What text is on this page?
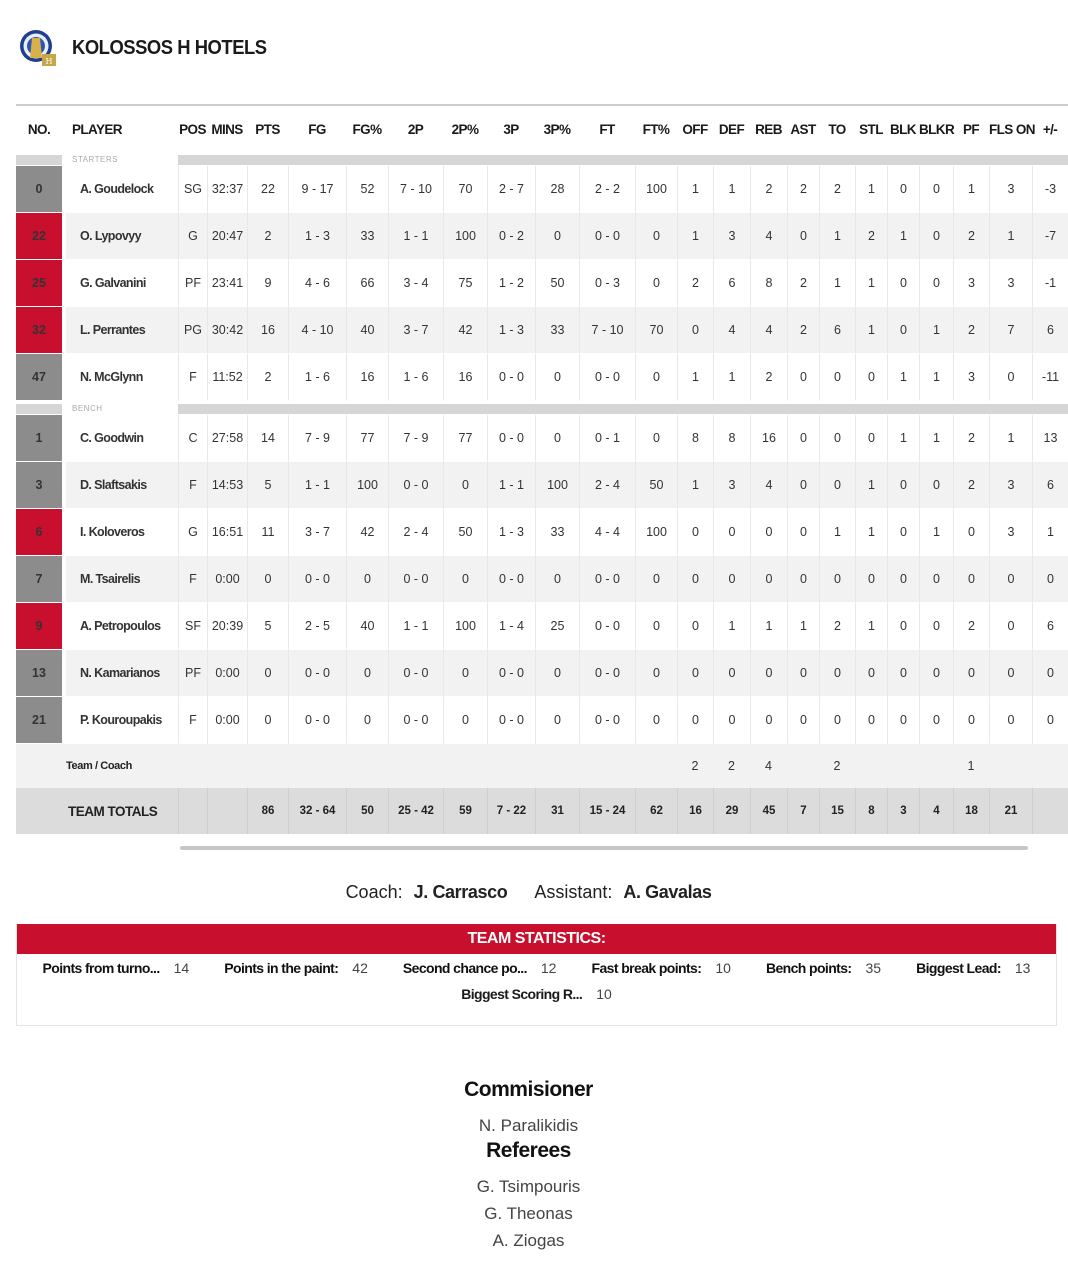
H
KOLOSSOS H HOTELS
NO.		PLAYER	POS	MINS	PTS	FG	FG%	2P	2P%	3P	3P%	FT	FT%	OFF	DEF	REB	AST	TO	STL	BLK	BLKR	PF	FLS ON	+/-

		STARTERS																						

0		A. Goudelock	SG	32:37	22	9 - 17	52	7 - 10	70	2 - 7	28	2 - 2	100	1	1	2	2	2	1	0	0	1	3	-3
22		O. Lypovyy	G	20:47	2	1 - 3	33	1 - 1	100	0 - 2	0	0 - 0	0	1	3	4	0	1	2	1	0	2	1	-7
25		G. Galvanini	PF	23:41	9	4 - 6	66	3 - 4	75	1 - 2	50	0 - 3	0	2	6	8	2	1	1	0	0	3	3	-1
32		L. Perrantes	PG	30:42	16	4 - 10	40	3 - 7	42	1 - 3	33	7 - 10	70	0	4	4	2	6	1	0	1	2	7	6
47		N. McGlynn	F	11:52	2	1 - 6	16	1 - 6	16	0 - 0	0	0 - 0	0	1	1	2	0	0	0	1	1	3	0	-11

		BENCH																						

1		C. Goodwin	C	27:58	14	7 - 9	77	7 - 9	77	0 - 0	0	0 - 1	0	8	8	16	0	0	0	1	1	2	1	13
3		D. Slaftsakis	F	14:53	5	1 - 1	100	0 - 0	0	1 - 1	100	2 - 4	50	1	3	4	0	0	1	0	0	2	3	6
6		I. Koloveros	G	16:51	11	3 - 7	42	2 - 4	50	1 - 3	33	4 - 4	100	0	0	0	0	1	1	0	1	0	3	1
7		M. Tsairelis	F	0:00	0	0 - 0	0	0 - 0	0	0 - 0	0	0 - 0	0	0	0	0	0	0	0	0	0	0	0	0
9		A. Petropoulos	SF	20:39	5	2 - 5	40	1 - 1	100	1 - 4	25	0 - 0	0	0	1	1	1	2	1	0	0	2	0	6
13		N. Kamarianos	PF	0:00	0	0 - 0	0	0 - 0	0	0 - 0	0	0 - 0	0	0	0	0	0	0	0	0	0	0	0	0
21		P. Kouroupakis	F	0:00	0	0 - 0	0	0 - 0	0	0 - 0	0	0 - 0	0	0	0	0	0	0	0	0	0	0	0	0
Team / Coach														2	2	4		2				1		
TEAM TOTALS					86	32 - 64	50	25 - 42	59	7 - 22	31	15 - 24	62	16	29	45	7	15	8	3	4	18	21	
Coach: J. Carrasco Assistant: A. Gavalas
TEAM STATISTICS:
Points from turno... 14	Points in the paint: 42	Second chance po... 12	Fast break points: 10	Bench points: 35	Biggest Lead: 13
Biggest Scoring R... 10
Commisioner
N. Paralikidis
Referees
G. Tsimpouris
G. Theonas
A. Ziogas
